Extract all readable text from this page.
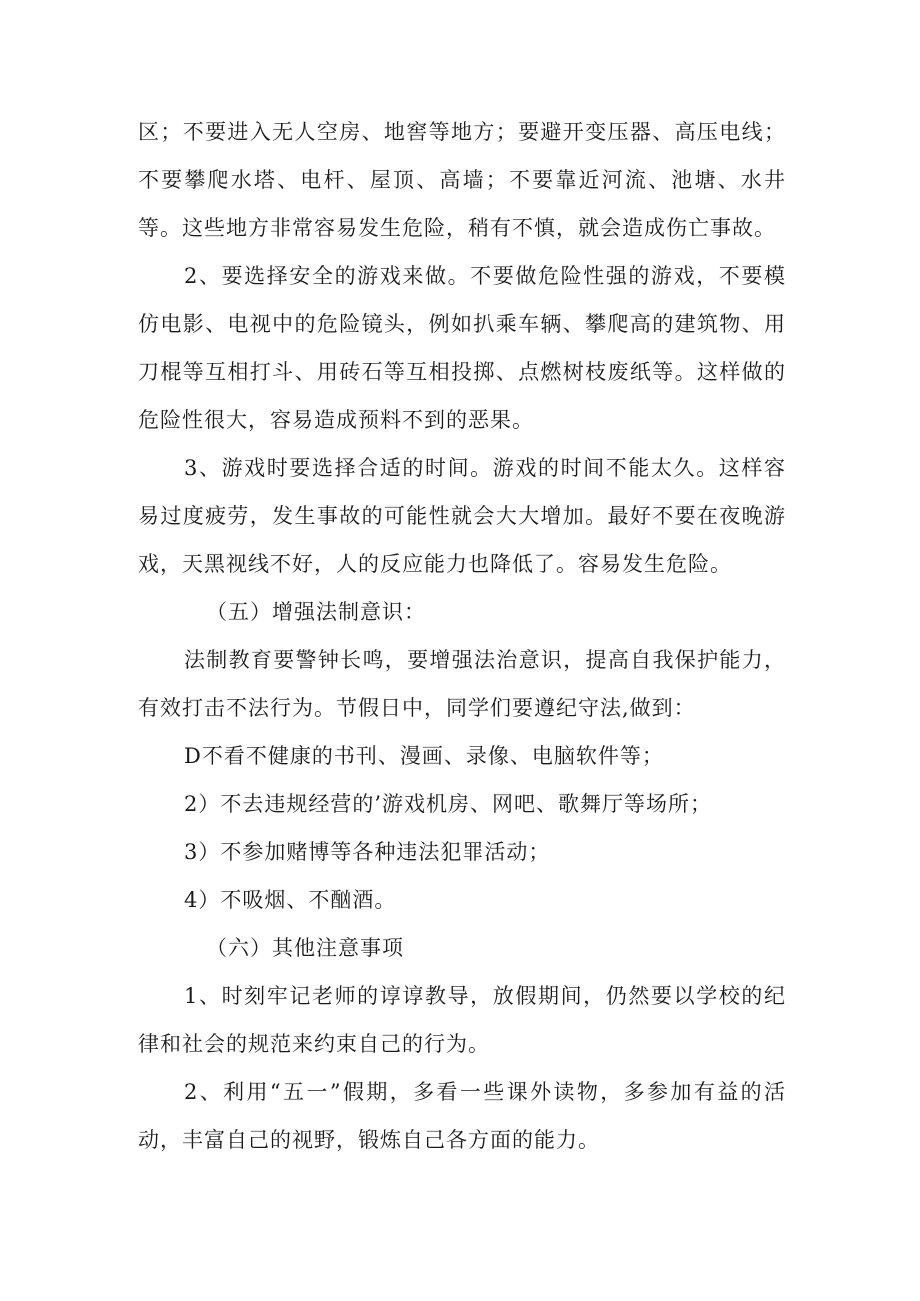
区；不要进入无人空房、地窖等地方；要避开变压器、高压电线；不要攀爬水塔、电杆、屋顶、高墙；不要靠近河流、池塘、水井等。这些地方非常容易发生危险，稍有不慎，就会造成伤亡事故。

2、要选择安全的游戏来做。不要做危险性强的游戏，不要模仿电影、电视中的危险镜头，例如扒乘车辆、攀爬高的建筑物、用刀棍等互相打斗、用砖石等互相投掷、点燃树枝废纸等。这样做的危险性很大，容易造成预料不到的恶果。

3、游戏时要选择合适的时间。游戏的时间不能太久。这样容易过度疲劳，发生事故的可能性就会大大增加。最好不要在夜晚游戏，天黑视线不好，人的反应能力也降低了。容易发生危险。

（五）增强法制意识：

法制教育要警钟长鸣，要增强法治意识，提高自我保护能力，有效打击不法行为。节假日中，同学们要遵纪守法,做到：

D不看不健康的书刊、漫画、录像、电脑软件等；

2）不去违规经营的’游戏机房、网吧、歌舞厅等场所；

3）不参加赌博等各种违法犯罪活动；

4）不吸烟、不酗酒。

（六）其他注意事项

1、时刻牢记老师的谆谆教导，放假期间，仍然要以学校的纪律和社会的规范来约束自己的行为。

2、利用“五一”假期，多看一些课外读物，多参加有益的活动，丰富自己的视野，锻炼自己各方面的能力。
